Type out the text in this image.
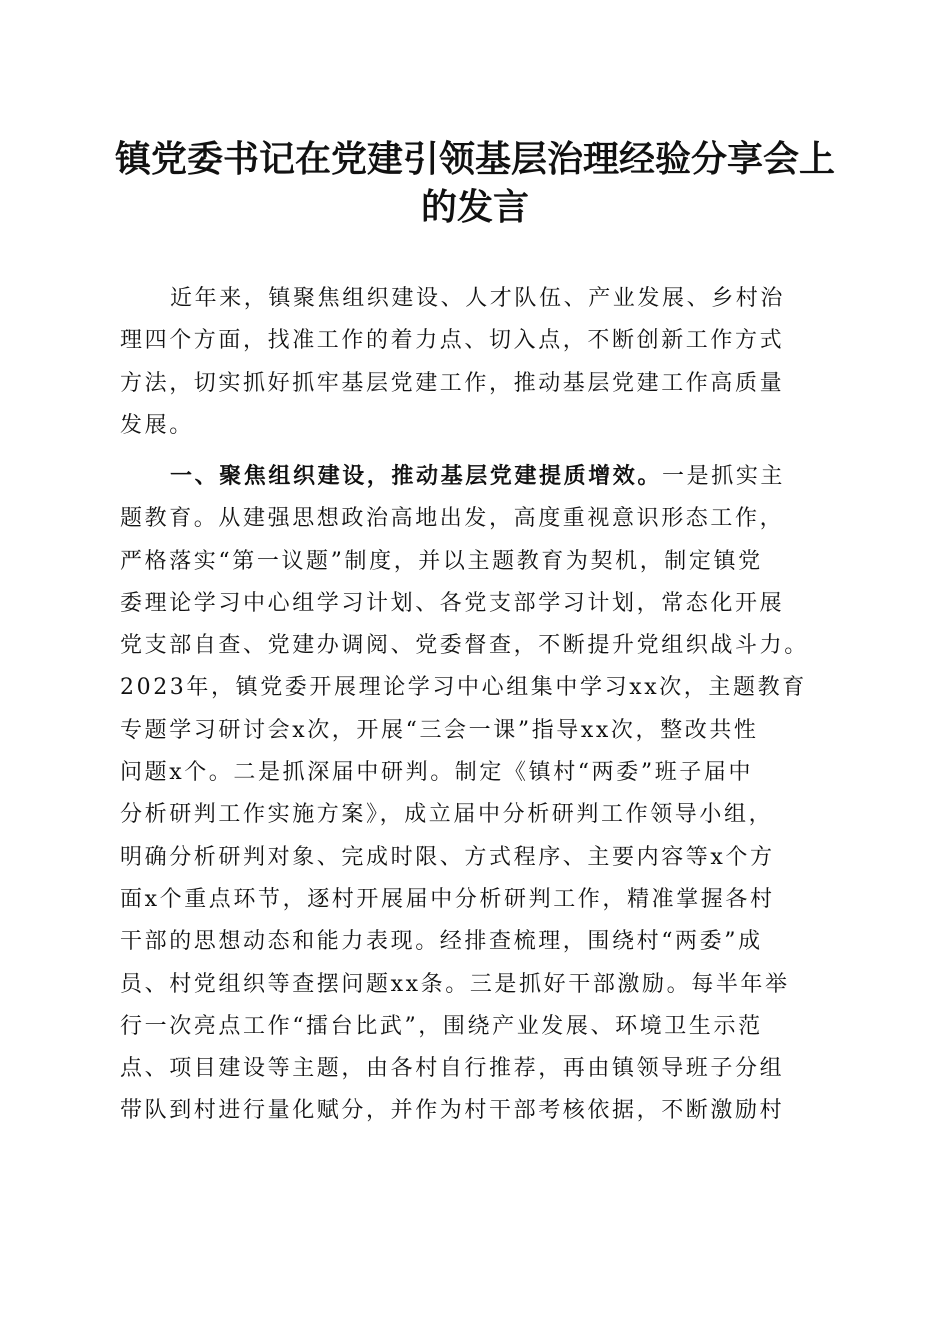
镇党委书记在党建引领基层治理经验分享会上
的发言
近年来，镇聚焦组织建设、人才队伍、产业发展、乡村治
理四个方面，找准工作的着力点、切入点，不断创新工作方式
方法，切实抓好抓牢基层党建工作，推动基层党建工作高质量
发展。
一、聚焦组织建设，推动基层党建提质增效。一是抓实主
题教育。从建强思想政治高地出发，高度重视意识形态工作，
严格落实“第一议题”制度，并以主题教育为契机，制定镇党
委理论学习中心组学习计划、各党支部学习计划，常态化开展
党支部自查、党建办调阅、党委督查，不断提升党组织战斗力。
2023年，镇党委开展理论学习中心组集中学习xx次，主题教育
专题学习研讨会x次，开展“三会一课”指导xx次，整改共性
问题x个。二是抓深届中研判。制定《镇村“两委”班子届中
分析研判工作实施方案》，成立届中分析研判工作领导小组，
明确分析研判对象、完成时限、方式程序、主要内容等x个方
面x个重点环节，逐村开展届中分析研判工作，精准掌握各村
干部的思想动态和能力表现。经排查梳理，围绕村“两委”成
员、村党组织等查摆问题xx条。三是抓好干部激励。每半年举
行一次亮点工作“擂台比武”，围绕产业发展、环境卫生示范
点、项目建设等主题，由各村自行推荐，再由镇领导班子分组
带队到村进行量化赋分，并作为村干部考核依据，不断激励村
